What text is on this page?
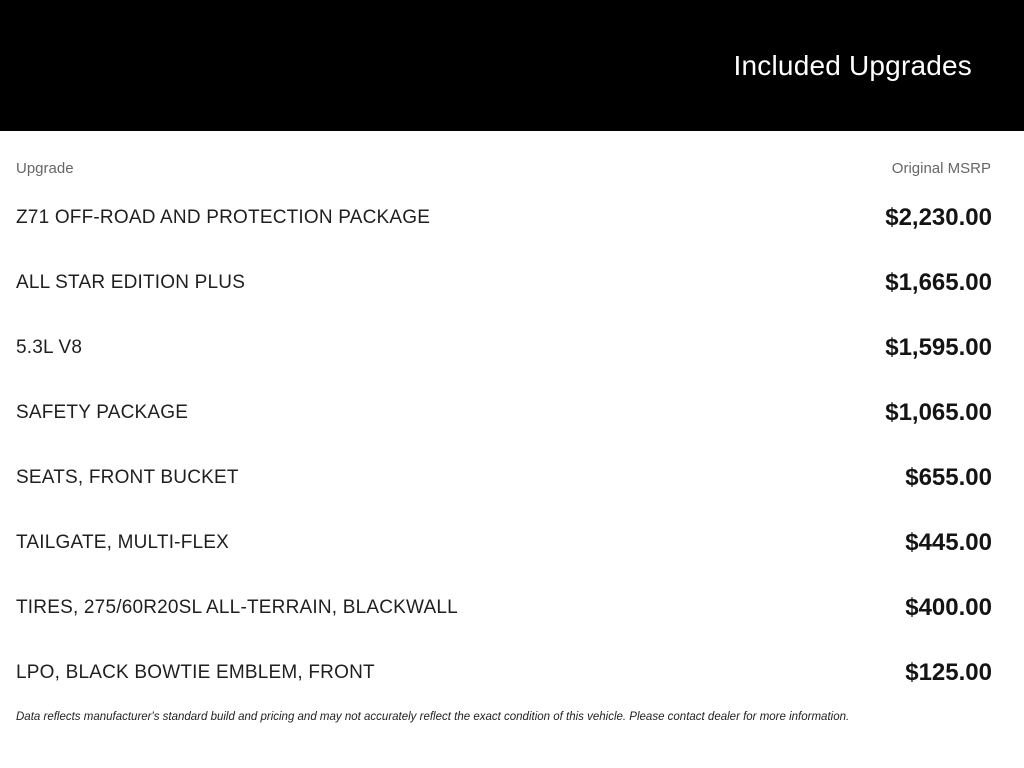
Included Upgrades
Upgrade	Original MSRP
Z71 OFF-ROAD AND PROTECTION PACKAGE	$2,230.00
ALL STAR EDITION PLUS	$1,665.00
5.3L V8	$1,595.00
SAFETY PACKAGE	$1,065.00
SEATS, FRONT BUCKET	$655.00
TAILGATE, MULTI-FLEX	$445.00
TIRES, 275/60R20SL ALL-TERRAIN, BLACKWALL	$400.00
LPO, BLACK BOWTIE EMBLEM, FRONT	$125.00
Data reflects manufacturer's standard build and pricing and may not accurately reflect the exact condition of this vehicle. Please contact dealer for more information.
